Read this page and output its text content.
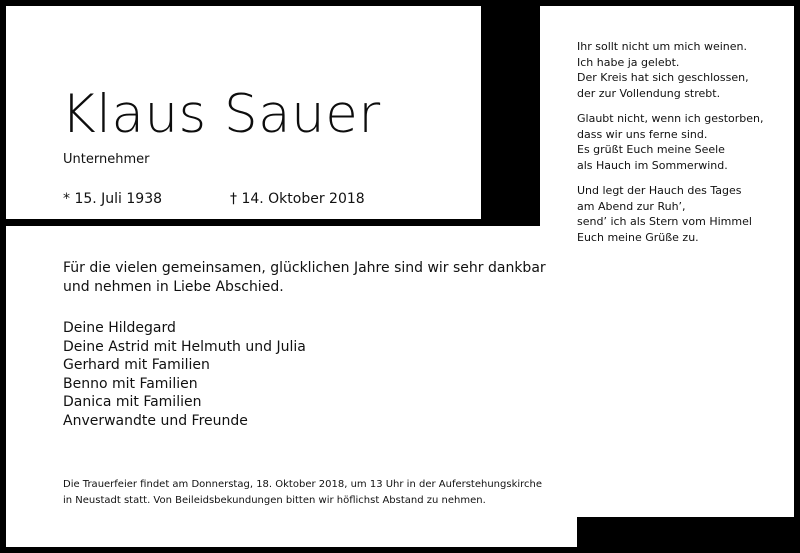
Klaus Sauer
Unternehmer
* 15. Juli 1938	† 14. Oktober 2018
Ihr sollt nicht um mich weinen.
Ich habe ja gelebt.
Der Kreis hat sich geschlossen,
der zur Vollendung strebt.
Glaubt nicht, wenn ich gestorben,
dass wir uns ferne sind.
Es grüßt Euch meine Seele
als Hauch im Sommerwind.
Und legt der Hauch des Tages
am Abend zur Ruh’,
send’ ich als Stern vom Himmel
Euch meine Grüße zu.
Für die vielen gemeinsamen, glücklichen Jahre sind wir sehr dankbar
und nehmen in Liebe Abschied.
Deine Hildegard
Deine Astrid mit Helmuth und Julia
Gerhard mit Familien
Benno mit Familien
Danica mit Familien
Anverwandte und Freunde
Die Trauerfeier findet am Donnerstag, 18. Oktober 2018, um 13 Uhr in der Auferstehungskirche
in Neustadt statt. Von Beileidsbekundungen bitten wir höflichst Abstand zu nehmen.
